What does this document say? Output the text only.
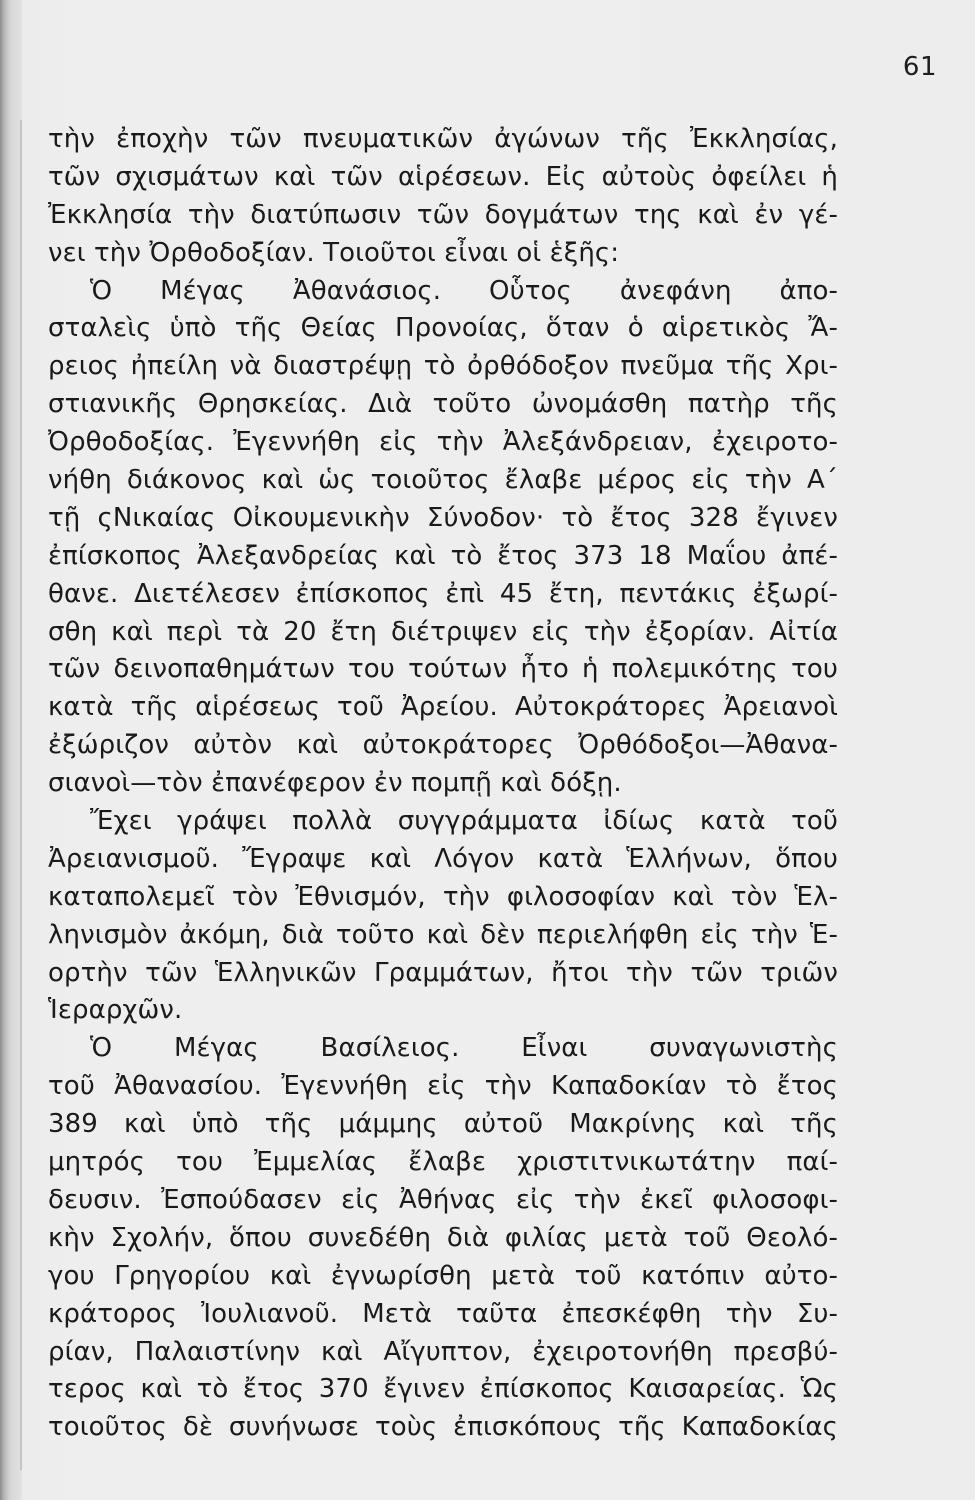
61
τὴν ἐποχὴν τῶν πνευματικῶν ἀγώνων τῆς Ἐκκλησίας,
τῶν σχισμάτων καὶ τῶν αἱρέσεων. Εἰς αὐτοὺς ὀφείλει ἡ
Ἐκκλησία τὴν διατύπωσιν τῶν δογμάτων της καὶ ἐν γέ-
νει τὴν Ὀρθοδοξίαν. Τοιοῦτοι εἶναι οἱ ἑξῆς:
Ὁ Μέγας Ἀθανάσιος. Οὗτος ἀνεφάνη ἀπο-
σταλεὶς ὑπὸ τῆς Θείας Προνοίας, ὅταν ὁ αἱρετικὸς Ἄ-
ρειος ἠπείλη νὰ διαστρέψῃ τὸ ὀρθόδοξον πνεῦμα τῆς Χρι-
στιανικῆς Θρησκείας. Διὰ τοῦτο ὠνομάσθη πατὴρ τῆς
Ὀρθοδοξίας. Ἐγεννήθη εἰς τὴν Ἀλεξάνδρειαν, ἐχειροτο-
νήθη διάκονος καὶ ὡς τοιοῦτος ἔλαβε μέρος εἰς τὴν Α΄
τῇ ςΝικαίας Οἰκουμενικὴν Σύνοδον· τὸ ἔτος 328 ἔγινεν
ἐπίσκοπος Ἀλεξανδρείας καὶ τὸ ἔτος 373 18 Μαΐου ἀπέ-
θανε. Διετέλεσεν ἐπίσκοπος ἐπὶ 45 ἔτη, πεντάκις ἐξωρί-
σθη καὶ περὶ τὰ 20 ἔτη διέτριψεν εἰς τὴν ἐξορίαν. Αἰτία
τῶν δεινοπαθημάτων του τούτων ἦτο ἡ πολεμικότης του
κατὰ τῆς αἱρέσεως τοῦ Ἀρείου. Αὐτοκράτορες Ἀρειανοὶ
ἐξώριζον αὐτὸν καὶ αὐτοκράτορες Ὀρθόδοξοι—Ἀθανα-
σιανοὶ—τὸν ἐπανέφερον ἐν πομπῇ καὶ δόξῃ.
Ἔχει γράψει πολλὰ συγγράμματα ἰδίως κατὰ τοῦ
Ἀρειανισμοῦ. Ἔγραψε καὶ Λόγον κατὰ Ἑλλήνων, ὅπου
καταπολεμεῖ τὸν Ἐθνισμόν, τὴν φιλοσοφίαν καὶ τὸν Ἑλ-
ληνισμὸν ἀκόμη, διὰ τοῦτο καὶ δὲν περιελήφθη εἰς τὴν Ἑ-
ορτὴν τῶν Ἑλληνικῶν Γραμμάτων, ἤτοι τὴν τῶν τριῶν
Ἱεραρχῶν.
Ὁ Μέγας Βασίλειος. Εἶναι συναγωνιστὴς
τοῦ Ἀθανασίου. Ἐγεννήθη εἰς τὴν Καπαδοκίαν τὸ ἔτος
389 καὶ ὑπὸ τῆς μάμμης αὐτοῦ Μακρίνης καὶ τῆς
μητρός του Ἐμμελίας ἔλαβε χριστιτνικωτάτην παί-
δευσιν. Ἐσπούδασεν εἰς Ἀθήνας εἰς τὴν ἐκεῖ φιλοσοφι-
κὴν Σχολήν, ὅπου συνεδέθη διὰ φιλίας μετὰ τοῦ Θεολό-
γου Γρηγορίου καὶ ἐγνωρίσθη μετὰ τοῦ κατόπιν αὐτο-
κράτορος Ἰουλιανοῦ. Μετὰ ταῦτα ἐπεσκέφθη τὴν Συ-
ρίαν, Παλαιστίνην καὶ Αἴγυπτον, ἐχειροτονήθη πρεσβύ-
τερος καὶ τὸ ἔτος 370 ἔγινεν ἐπίσκοπος Καισαρείας. Ὡς
τοιοῦτος δὲ συνήνωσε τοὺς ἐπισκόπους τῆς Καπαδοκίας
